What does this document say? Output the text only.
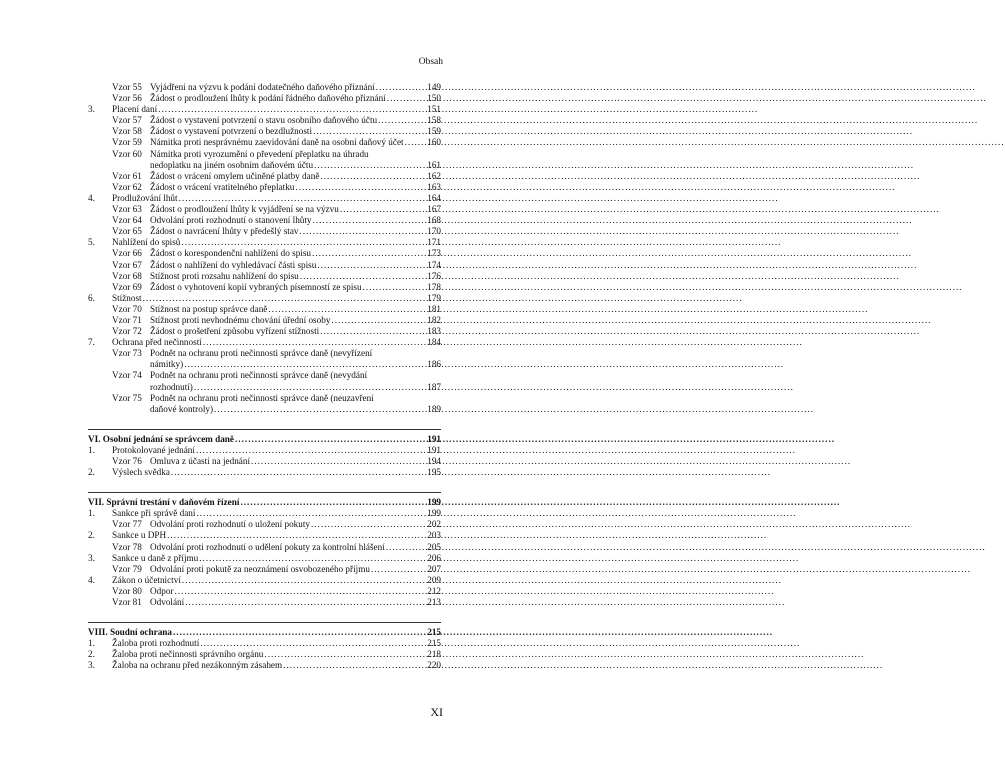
Obsah
Vzor 55 Vyjádření na výzvu k podání dodatečného daňového přiznání .....	149
Vzor 56 Žádost o prodloužení lhůty k podání řádného daňového přiznání .....	150
3.	Placení daní .....	151
Vzor 57 Žádost o vystavení potvrzení o stavu osobního daňového účtu .....	158
Vzor 58 Žádost o vystavení potvrzení o bezdlužnosti .....	159
Vzor 59 Námitka proti nesprávnému zaevidování daně na osobní daňový účet .....	160
Vzor 60 Námitka proti vyrozumění o převedení přeplatku na úhradu
nedoplatku na jiném osobním daňovém účtu .....	161
Vzor 61 Žádost o vrácení omylem učiněné platby daně .....	162
Vzor 62 Žádost o vrácení vratitelného přeplatku .....	163
4.	Prodlužování lhůt .....	164
Vzor 63 Žádost o prodloužení lhůty k vyjádření se na výzvu .....	167
Vzor 64 Odvolání proti rozhodnutí o stanovení lhůty .....	168
Vzor 65 Žádost o navrácení lhůty v předešlý stav .....	170
5.	Nahlížení do spisů .....	171
Vzor 66 Žádost o korespondenční nahlížení do spisu .....	173
Vzor 67 Žádost o nahlížení do vyhledávací části spisu .....	174
Vzor 68 Stížnost proti rozsahu nahlížení do spisu .....	176
Vzor 69 Žádost o vyhotovení kopií vybraných písemností ze spisu .....	178
6.	Stížnost .....	179
Vzor 70 Stížnost na postup správce daně .....	181
Vzor 71 Stížnost proti nevhodnému chování úřední osoby .....	182
Vzor 72 Žádost o prošetření způsobu vyřízení stížnosti .....	183
7.	Ochrana před nečinností .....	184
Vzor 73 Podnět na ochranu proti nečinnosti správce daně (nevyřízení
námitky) .....	186
Vzor 74 Podnět na ochranu proti nečinnosti správce daně (nevydání
rozhodnutí) .....	187
Vzor 75 Podnět na ochranu proti nečinnosti správce daně (neuzavření
daňové kontroly) .....	189
VI. Osobní jednání se správcem daně .....	191
1.	Protokolované jednání .....	191
Vzor 76 Omluva z účasti na jednání .....	194
2.	Výslech svědka .....	195
VII. Správní trestání v daňovém řízení .....	199
1.	Sankce při správě daní .....	199
Vzor 77 Odvolání proti rozhodnutí o uložení pokuty .....	202
2.	Sankce u DPH .....	203
Vzor 78 Odvolání proti rozhodnutí o udělení pokuty za kontrolní hlášení .....	205
3.	Sankce u daně z příjmu .....	206
Vzor 79 Odvolání proti pokutě za neoznámení osvobozeného příjmu .....	207
4.	Zákon o účetnictví .....	209
Vzor 80 Odpor .....	212
Vzor 81 Odvolání .....	213
VIII. Soudní ochrana .....	215
1.	Žaloba proti rozhodnutí .....	215
2.	Žaloba proti nečinnosti správního orgánu .....	218
3.	Žaloba na ochranu před nezákonným zásahem .....	220
XI
